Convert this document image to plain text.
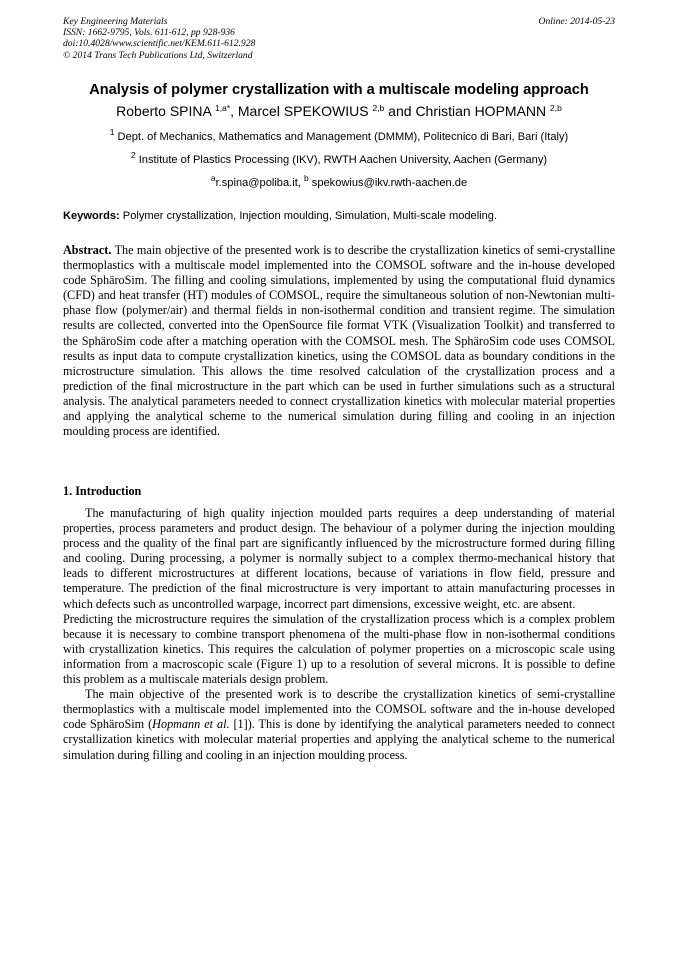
Key Engineering Materials
ISSN: 1662-9795, Vols. 611-612, pp 928-936
doi:10.4028/www.scientific.net/KEM.611-612.928
© 2014 Trans Tech Publications Ltd, Switzerland
Online: 2014-05-23
Analysis of polymer crystallization with a multiscale modeling approach
Roberto SPINA $^{1,a*}$, Marcel SPEKOWIUS $^{2,b}$ and Christian HOPMANN $^{2,b}$
$^1$ Dept. of Mechanics, Mathematics and Management (DMMM), Politecnico di Bari, Bari (Italy)
$^2$ Institute of Plastics Processing (IKV), RWTH Aachen University, Aachen (Germany)
$^a$r.spina@poliba.it, $^b$ spekowius@ikv.rwth-aachen.de
Keywords: Polymer crystallization, Injection moulding, Simulation, Multi-scale modeling.
Abstract. The main objective of the presented work is to describe the crystallization kinetics of semi-crystalline thermoplastics with a multiscale model implemented into the COMSOL software and the in-house developed code SphäroSim. The filling and cooling simulations, implemented by using the computational fluid dynamics (CFD) and heat transfer (HT) modules of COMSOL, require the simultaneous solution of non-Newtonian multi-phase flow (polymer/air) and thermal fields in non-isothermal condition and transient regime. The simulation results are collected, converted into the OpenSource file format VTK (Visualization Toolkit) and transferred to the SphäroSim code after a matching operation with the COMSOL mesh. The SphäroSim code uses COMSOL results as input data to compute crystallization kinetics, using the COMSOL data as boundary conditions in the microstructure simulation. This allows the time resolved calculation of the crystallization process and a prediction of the final microstructure in the part which can be used in further simulations such as a structural analysis. The analytical parameters needed to connect crystallization kinetics with molecular material properties and applying the analytical scheme to the numerical simulation during filling and cooling in an injection moulding process are identified.
1. Introduction

The manufacturing of high quality injection moulded parts requires a deep understanding of material properties, process parameters and product design. The behaviour of a polymer during the injection moulding process and the quality of the final part are significantly influenced by the microstructure formed during filling and cooling. During processing, a polymer is normally subject to a complex thermo-mechanical history that leads to different microstructures at different locations, because of variations in flow field, pressure and temperature. The prediction of the final microstructure is very important to attain manufacturing processes in which defects such as uncontrolled warpage, incorrect part dimensions, excessive weight, etc. are absent.

Predicting the microstructure requires the simulation of the crystallization process which is a complex problem because it is necessary to combine transport phenomena of the multi-phase flow in non-isothermal conditions with crystallization kinetics. This requires the calculation of polymer properties on a microscopic scale using information from a macroscopic scale (Figure 1) up to a resolution of several microns. It is possible to define this problem as a multiscale materials design problem.

The main objective of the presented work is to describe the crystallization kinetics of semi-crystalline thermoplastics with a multiscale model implemented into the COMSOL software and the in-house developed code SphäroSim (Hopmann et al. [1]). This is done by identifying the analytical parameters needed to connect crystallization kinetics with molecular material properties and applying the analytical scheme to the numerical simulation during filling and cooling in an injection moulding process.
